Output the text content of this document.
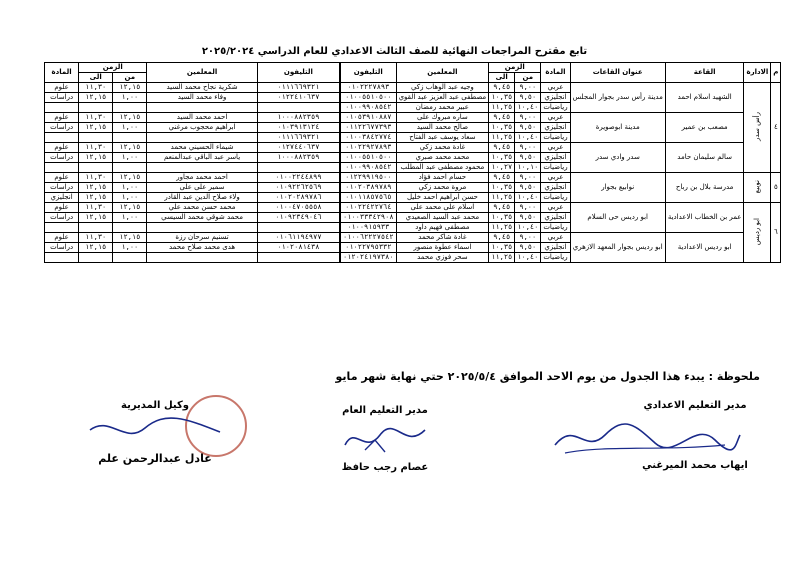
تابع مقترح المراجعات النهائية للصف الثالث الاعدادي للعام الدراسي ٢٠٢٥/٢٠٢٤
م	الادارة	القاعة	عنوان القاعات	المادة	الزمن		المعلمين	التليفون
					من	الى		
٤	رأس سدر	الشهيد اسلام احمد	مدينة رأس سدر بجوار المجلس	عربي	٩,٠٠	٩,٤٥	وجيه عبد الوهاب زكي	٠١٠٢٢٢٧٨٩٣
				انجليزي	٩,٥٠	١٠,٣٥	مصطفى عبد العزيز عبد القوي	٠١٠٠٥٥١٠٥٠٠
				رياضيات	١٠,٤٠	١١,٢٥	عبير محمد رمضان	٠١٠٠٩٩٠٨٥٤٢
		مصعب بن عمير	مدينة ابوصويرة	عربي	٩,٠٠	٩,٤٥	ساره مبروك على	٠١٠٥٣٩١٠٨٨٧
				انجليزي	٩,٥٠	١٠,٣٥	صالح محمد السيد	٠١١٢٢٦٧٧٣٩٣
				رياضيات	١٠,٤٠	١١,٢٥	سعاد يوسف عبد الفتاح	٠١٠٠٣٨٤٢٧٧٤
		سالم سليمان حامد	سدر وادي سدر	عربي	٩,٠٠	٩,٤٥	غادة محمد زكي	٠١٠٢٢٩٢٧٨٩٣
				انجليزي	٩,٥٠	١٠,٣٥	محمد محمد صبري	٠١٠٠٥٥١٠٥٠٠
				رياضيات	١٠,١٠	١٠,٢٧	محمود مصطفى عبد المطلب	٠١٠٠٩٩٠٨٥٤٢
٥	نويبع	مدرسة بلال بن رباح	نوابيع بجوار	عربي	٩,٠٠	٩,٤٥	حسام احمد فؤاد	٠١٢٢٩٩١٩٥٠٠
				انجليزي	٩,٥٠	١٠,٣٥	مروة محمد زكي	٠١٠٢٠٣٨٩٧٨٩
				رياضيات	١٠,٤٠	١١,٢٥	حسن ابراهيم احمد خليل	٠١٠١١٨٥٧٥٦٥
٦	ابو رديس	عمر بن الخطاب الاعدادية	ابو رديس حى السلام	عربي	٩,٠٠	٩,٤٥	اسلام على محمد على	٠١٠٢٢٤٢٢٧٦٤
				انجليزي	٩,٥٠	١٠,٣٥	محمد عبد السيد الصعيدي	٠١٠٠٣٣٣٤٢٩٠٨
				رياضيات	١٠,٤٠	١١,٢٥	مصطفى فهيم داود	٠١٠٠٩١٥٩٣٣
		ابو رديس الاعدادية	ابو رديس بجوار المعهد الازهري	عربي	٩,٠٠	٩,٤٥	غادة شاكر محمد	٠١٠٠٦٢٢٢٧٥٤٢
				انجليزي	٩,٥٠	١٠,٣٥	اسماء عطوة منصور	٠١٠٢٢٧٩٥٣٣٢
				رياضيات	١٠,٤٠	١١,٢٥	سحر فوزي محمد	٠١٢٠٢٤١٩٧٣٨٠
التليفون	المعلمين	الزمن		المادة
		من	الى	
٠١١١٦٦٩٣٢١	شكرية نجاح محمد السيد	١٢,١٥	١١,٣٠	علوم
٠١٢٢٤١٠٦٣٧	وفاء محمد السيد	١,٠٠	١٢,١٥	دراسات

١٠٠٠٨٨٢٣٥٩	احمد محمد السيد	١٢,١٥	١١,٣٠	علوم
٠١٠٣٩١٣١٢٤	ابراهيم محجوب مرغني	١,٠٠	١٢,١٥	دراسات
٠١١١٦٦٩٣٢١				
٠١٢٧٤٤٠٦٣٧	شيماء الحسيني محمد	١٢,١٥	١١,٣٠	علوم
١٠٠٠٨٨٢٣٥٩	ياسر عبد الباقي عبدالمنعم	١,٠٠	١٢,١٥	دراسات

٠١٠٠٢٢٤٤٨٩٩	احمد محمد مجاور	١٢,١٥	١١,٣٠	علوم
٠١٠٩٢٢٦٢٥٦٩	سمير على على	١,٠٠	١٢,١٥	دراسات
٠١٠٢٠٢٨٩٧٨٦	ولاء صلاح الدين عبد القادر	١,٠٠	١٢,١٥	انجليزي
٠١٠٠٤٧٠٥٥٥٨	محمد حسن محمد علي	١٢,١٥	١١,٣٠	علوم
٠١٠٩٢٣٤٩٠٤٦	محمد شوقي محمد السيسي	١,٠٠	١٢,١٥	دراسات

٠١٠٦١١٩٤٩٧٧	تسنيم سرحان رزة	١٢,١٥	١١,٣٠	علوم
٠١٠٢٠٨١٤٣٨	هدى محمد صلاح محمد	١,٠٠	١٢,١٥	دراسات

ملحوظة : يبدء هذا الجدول من يوم الاحد الموافق ٢٠٢٥/٥/٤ حتي نهاية شهر مايو
مدير التعليم الاعدادي
ايهاب محمد الميرغني
مدير التعليم العام
عصام رجب حافظ
وكيل المديرية
عادل عبدالرحمن علم
